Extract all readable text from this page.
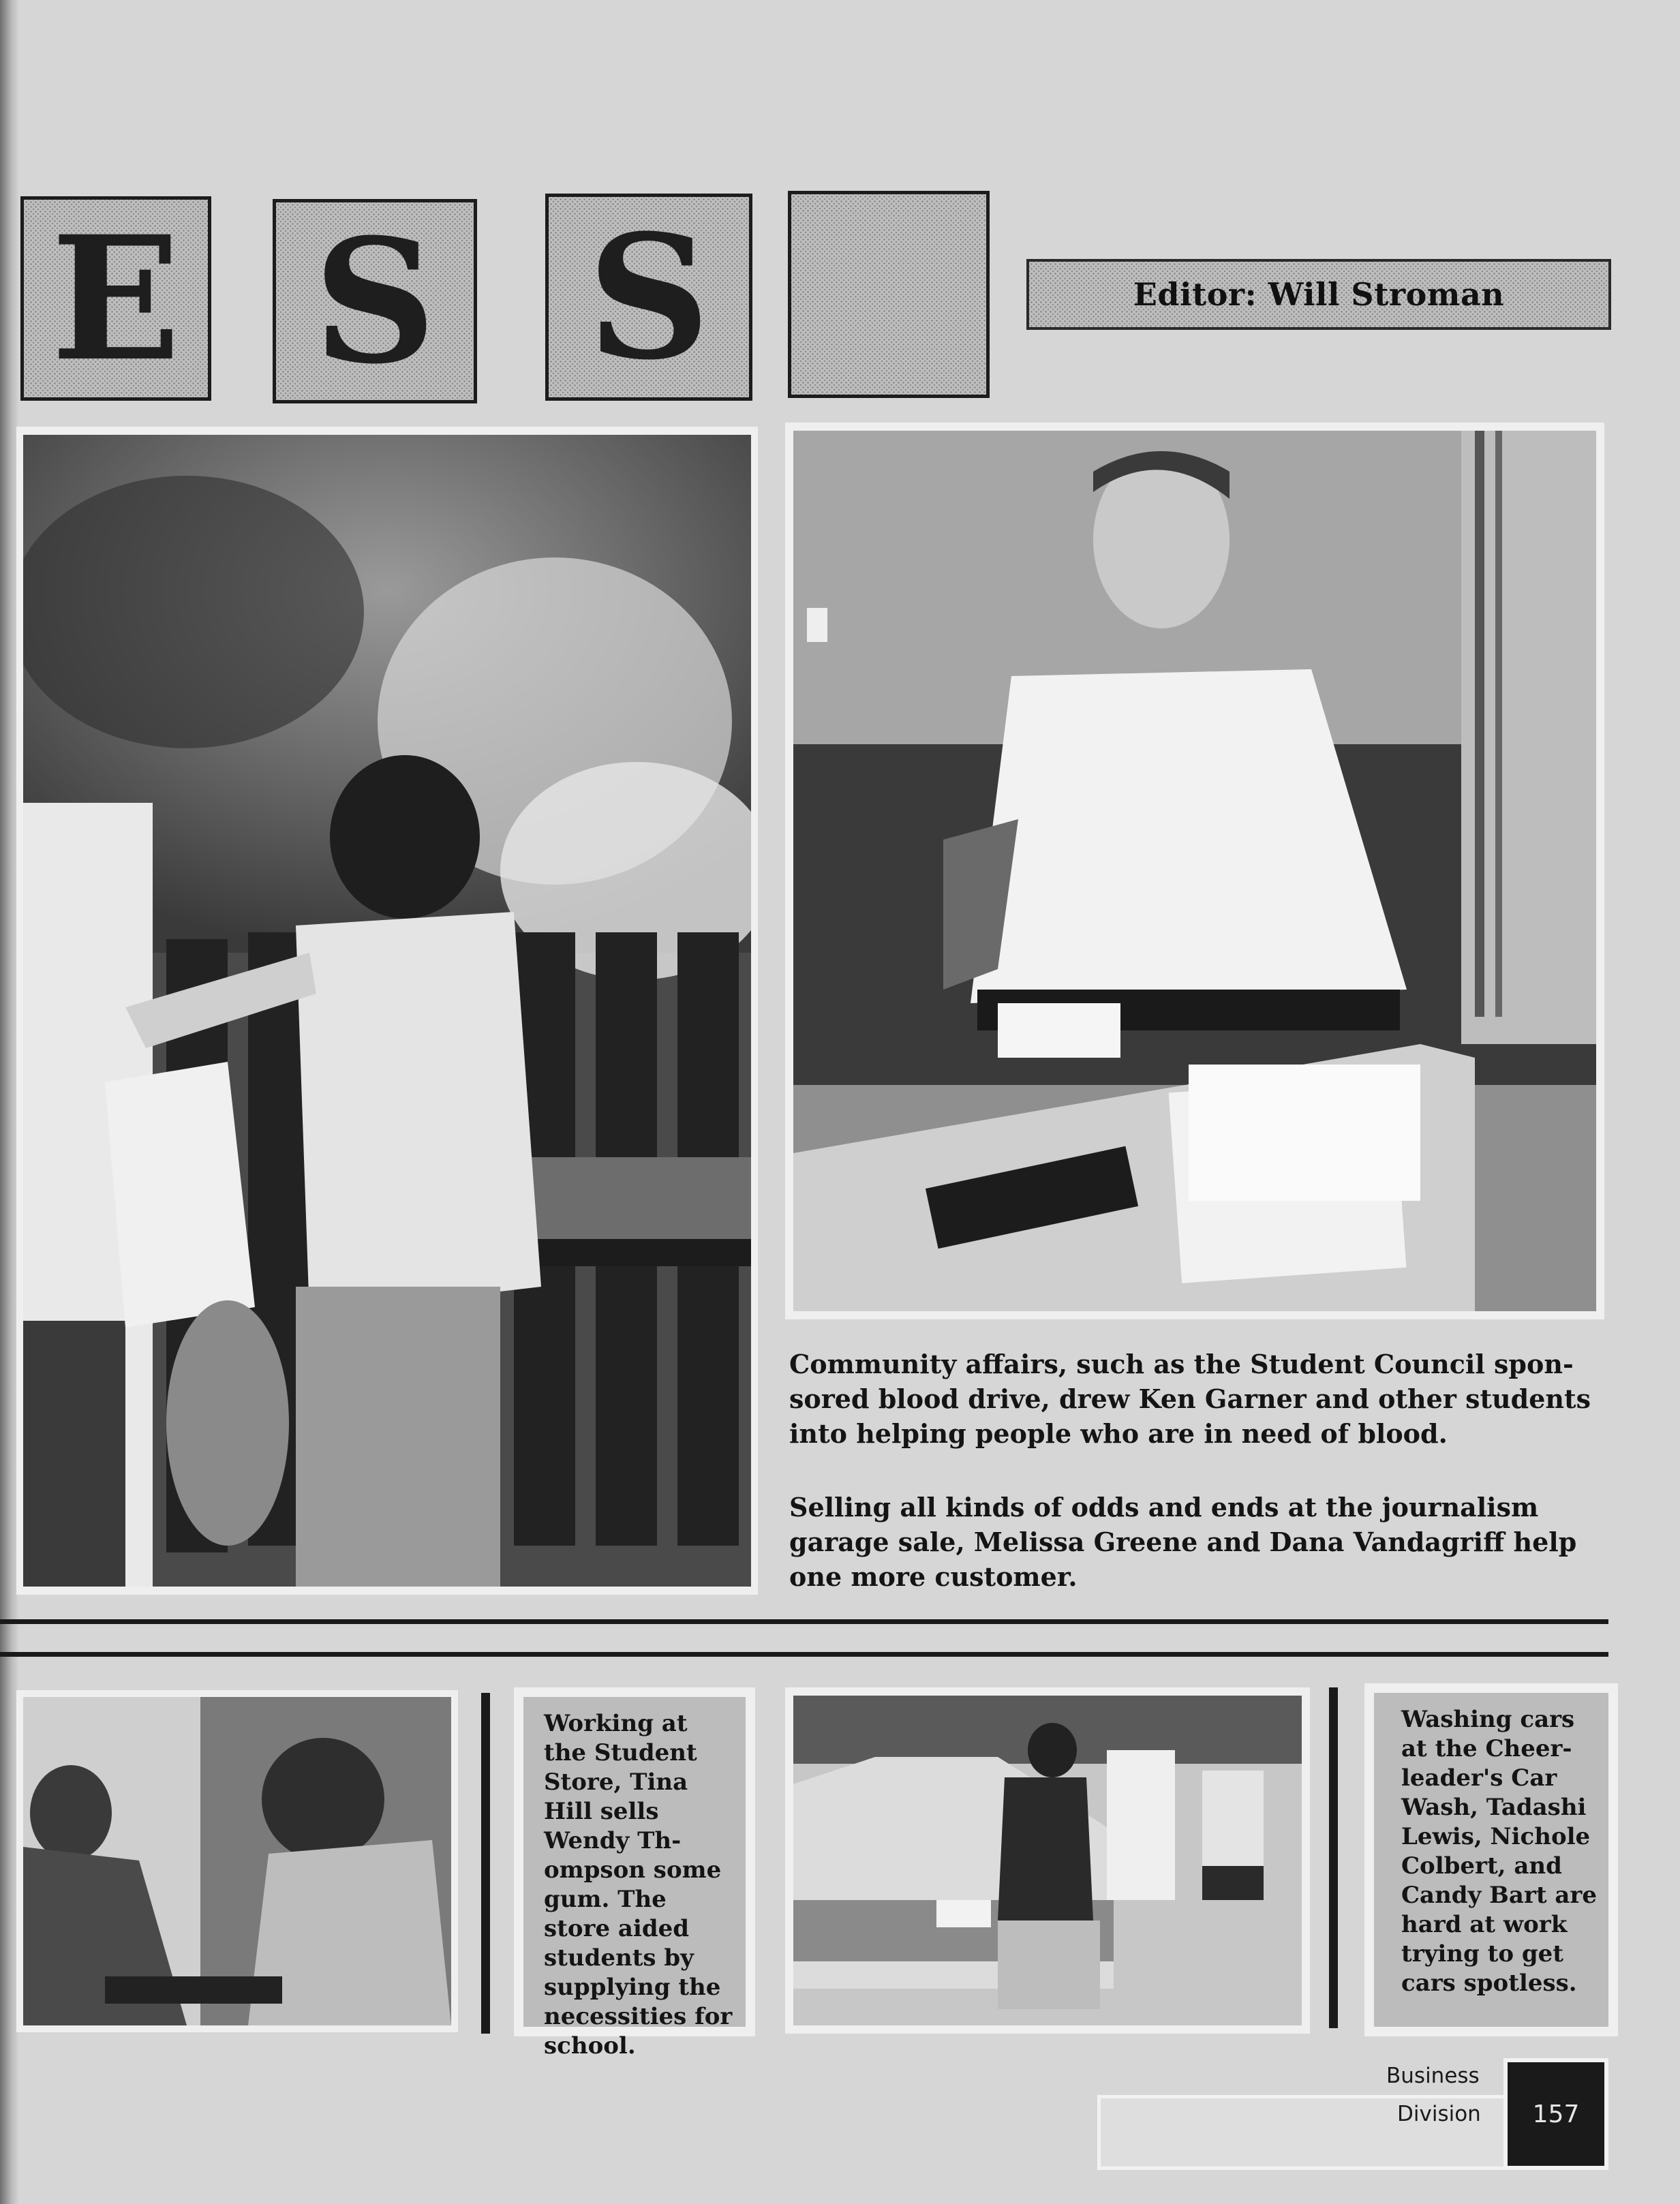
E S S	Editor: Will Stroman
Community affairs, such as the Student Council spon- sored blood drive, drew Ken Garner and other students into helping people who are in need of blood.
Selling all kinds of odds and ends at the journalism garage sale, Melissa Greene and Dana Vandagriff help one more customer.
Working at the Student Store, Tina Hill sells Wendy Th- ompson some gum. The store aided students by supplying the necessities for school.
Washing cars at the Cheer- leader's Car Wash, Tadashi Lewis, Nichole Colbert, and Candy Bart are hard at work trying to get cars spotless.
Business
Division 157
